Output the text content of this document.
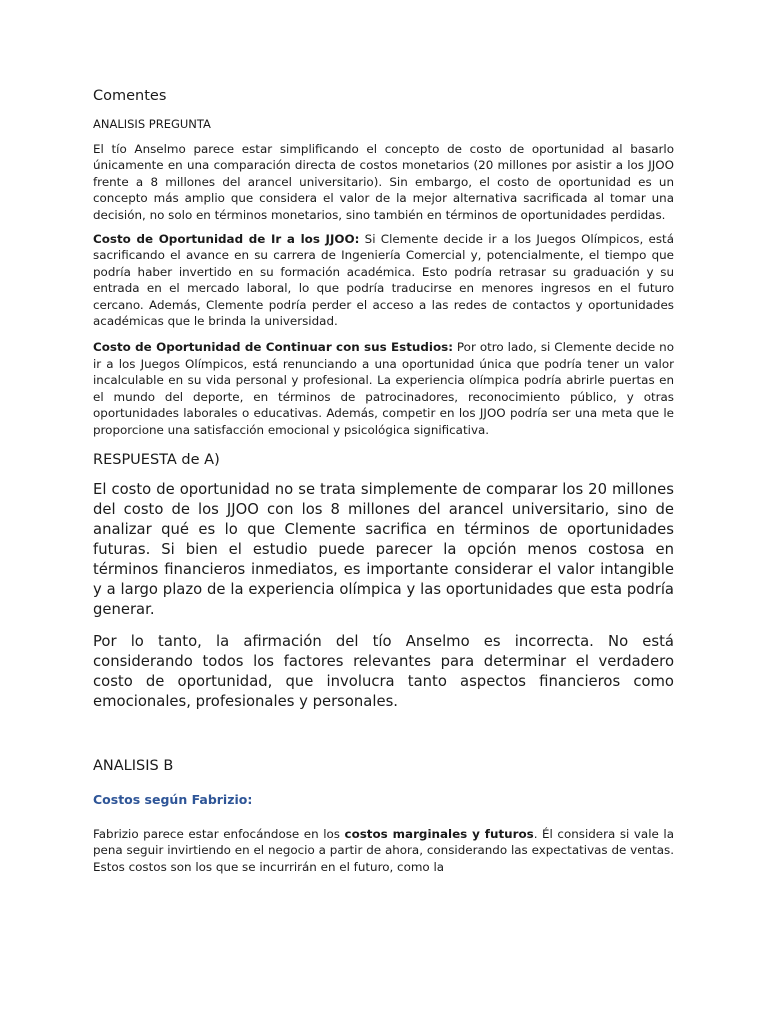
Comentes

ANALISIS PREGUNTA

El tío Anselmo parece estar simplificando el concepto de costo de oportunidad al basarlo únicamente en una comparación directa de costos monetarios (20 millones por asistir a los JJOO frente a 8 millones del arancel universitario). Sin embargo, el costo de oportunidad es un concepto más amplio que considera el valor de la mejor alternativa sacrificada al tomar una decisión, no solo en términos monetarios, sino también en términos de oportunidades perdidas.

Costo de Oportunidad de Ir a los JJOO: Si Clemente decide ir a los Juegos Olímpicos, está sacrificando el avance en su carrera de Ingeniería Comercial y, potencialmente, el tiempo que podría haber invertido en su formación académica. Esto podría retrasar su graduación y su entrada en el mercado laboral, lo que podría traducirse en menores ingresos en el futuro cercano. Además, Clemente podría perder el acceso a las redes de contactos y oportunidades académicas que le brinda la universidad.

Costo de Oportunidad de Continuar con sus Estudios: Por otro lado, si Clemente decide no ir a los Juegos Olímpicos, está renunciando a una oportunidad única que podría tener un valor incalculable en su vida personal y profesional. La experiencia olímpica podría abrirle puertas en el mundo del deporte, en términos de patrocinadores, reconocimiento público, y otras oportunidades laborales o educativas. Además, competir en los JJOO podría ser una meta que le proporcione una satisfacción emocional y psicológica significativa.

RESPUESTA de A)

El costo de oportunidad no se trata simplemente de comparar los 20 millones del costo de los JJOO con los 8 millones del arancel universitario, sino de analizar qué es lo que Clemente sacrifica en términos de oportunidades futuras. Si bien el estudio puede parecer la opción menos costosa en términos financieros inmediatos, es importante considerar el valor intangible y a largo plazo de la experiencia olímpica y las oportunidades que esta podría generar.

Por lo tanto, la afirmación del tío Anselmo es incorrecta. No está considerando todos los factores relevantes para determinar el verdadero costo de oportunidad, que involucra tanto aspectos financieros como emocionales, profesionales y personales.

ANALISIS B

Costos según Fabrizio:

Fabrizio parece estar enfocándose en los costos marginales y futuros. Él considera si vale la pena seguir invirtiendo en el negocio a partir de ahora, considerando las expectativas de ventas. Estos costos son los que se incurrirán en el futuro, como la
